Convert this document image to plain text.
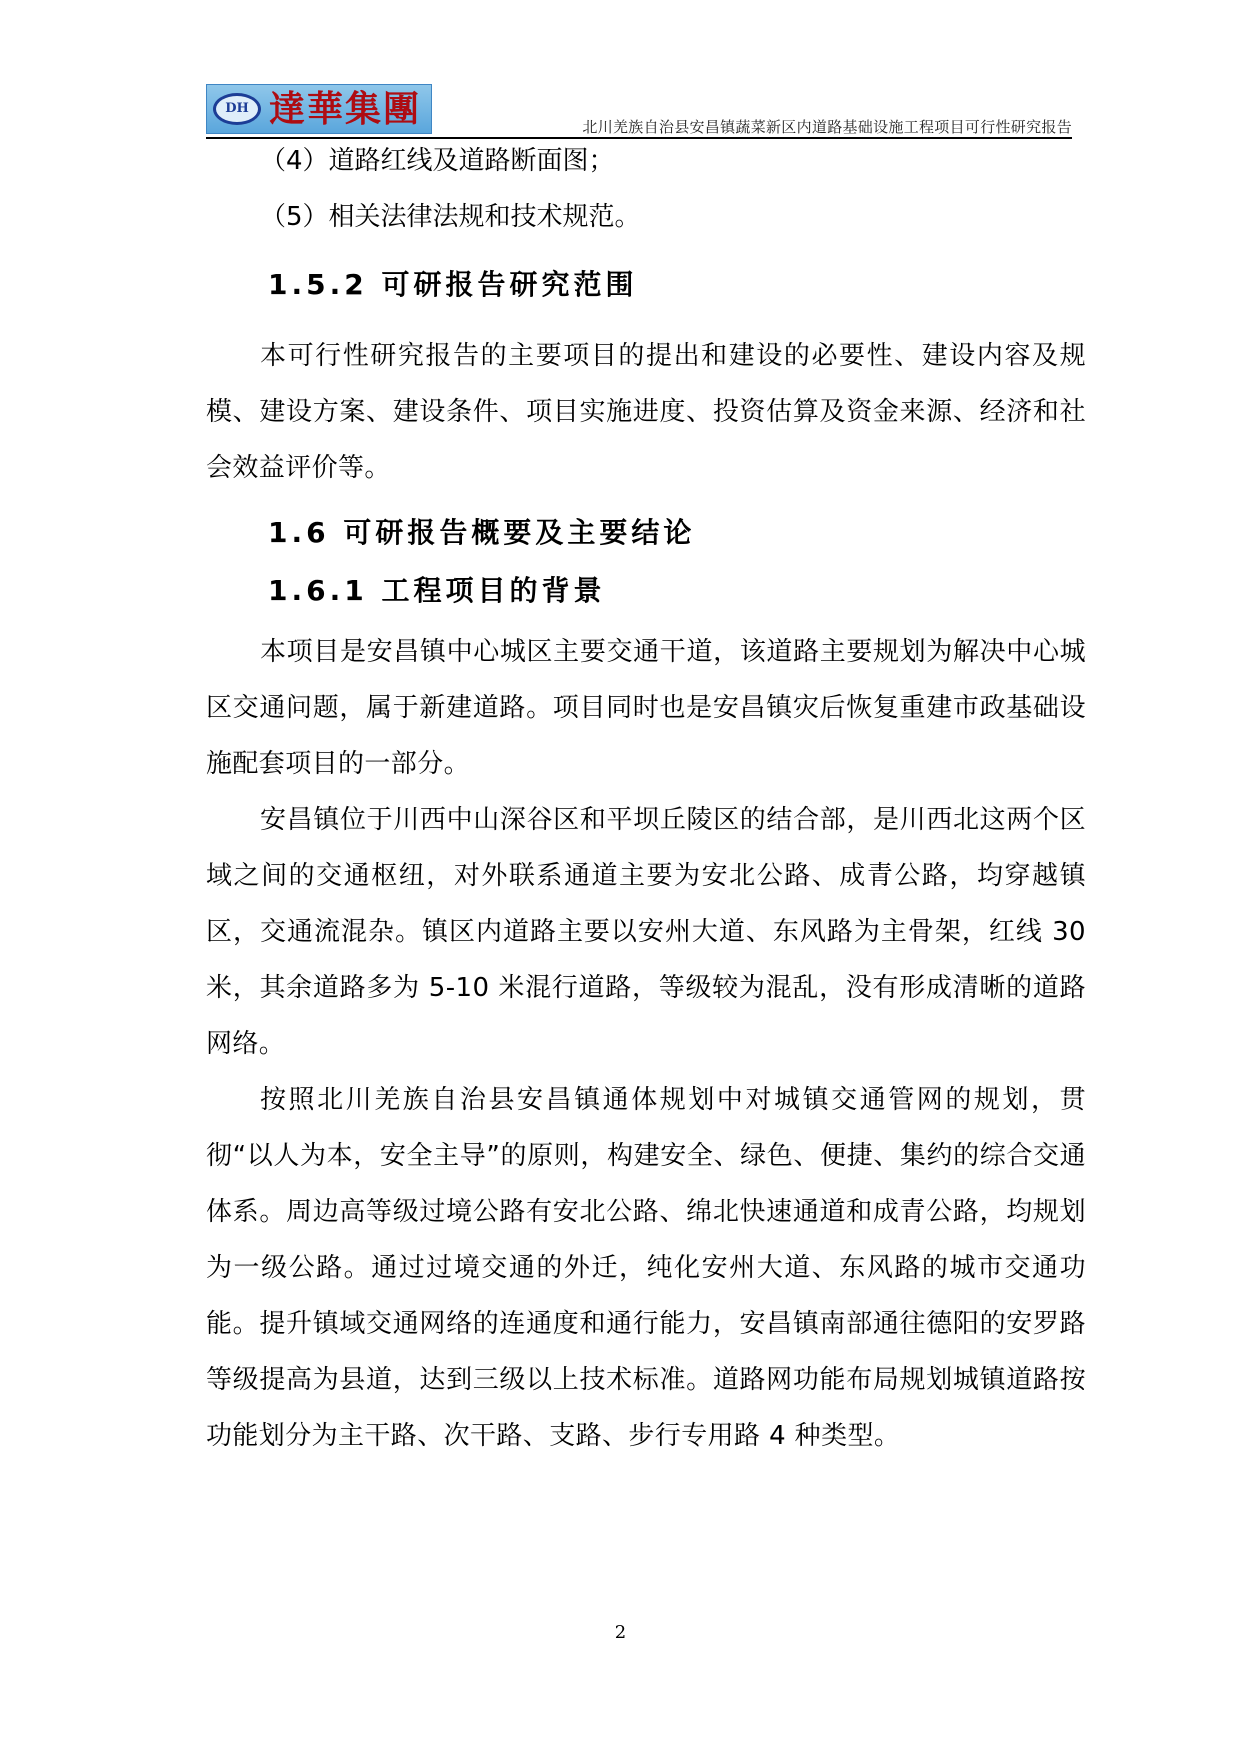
DH 達華集團	北川羌族自治县安昌镇蔬菜新区内道路基础设施工程项目可行性研究报告

（4）道路红线及道路断面图；

（5）相关法律法规和技术规范。

1.5.2 可研报告研究范围

本可行性研究报告的主要项目的提出和建设的必要性、建设内容及规模、建设方案、建设条件、项目实施进度、投资估算及资金来源、经济和社会效益评价等。

1.6 可研报告概要及主要结论

1.6.1 工程项目的背景

本项目是安昌镇中心城区主要交通干道，该道路主要规划为解决中心城区交通问题，属于新建道路。项目同时也是安昌镇灾后恢复重建市政基础设施配套项目的一部分。

安昌镇位于川西中山深谷区和平坝丘陵区的结合部，是川西北这两个区域之间的交通枢纽，对外联系通道主要为安北公路、成青公路，均穿越镇区，交通流混杂。镇区内道路主要以安州大道、东风路为主骨架，红线 30 米，其余道路多为 5-10 米混行道路，等级较为混乱，没有形成清晰的道路网络。

按照北川羌族自治县安昌镇通体规划中对城镇交通管网的规划，贯彻“以人为本，安全主导”的原则，构建安全、绿色、便捷、集约的综合交通体系。周边高等级过境公路有安北公路、绵北快速通道和成青公路，均规划为一级公路。通过过境交通的外迁，纯化安州大道、东风路的城市交通功能。提升镇域交通网络的连通度和通行能力，安昌镇南部通往德阳的安罗路等级提高为县道，达到三级以上技术标准。道路网功能布局规划城镇道路按功能划分为主干路、次干路、支路、步行专用路 4 种类型。

2
